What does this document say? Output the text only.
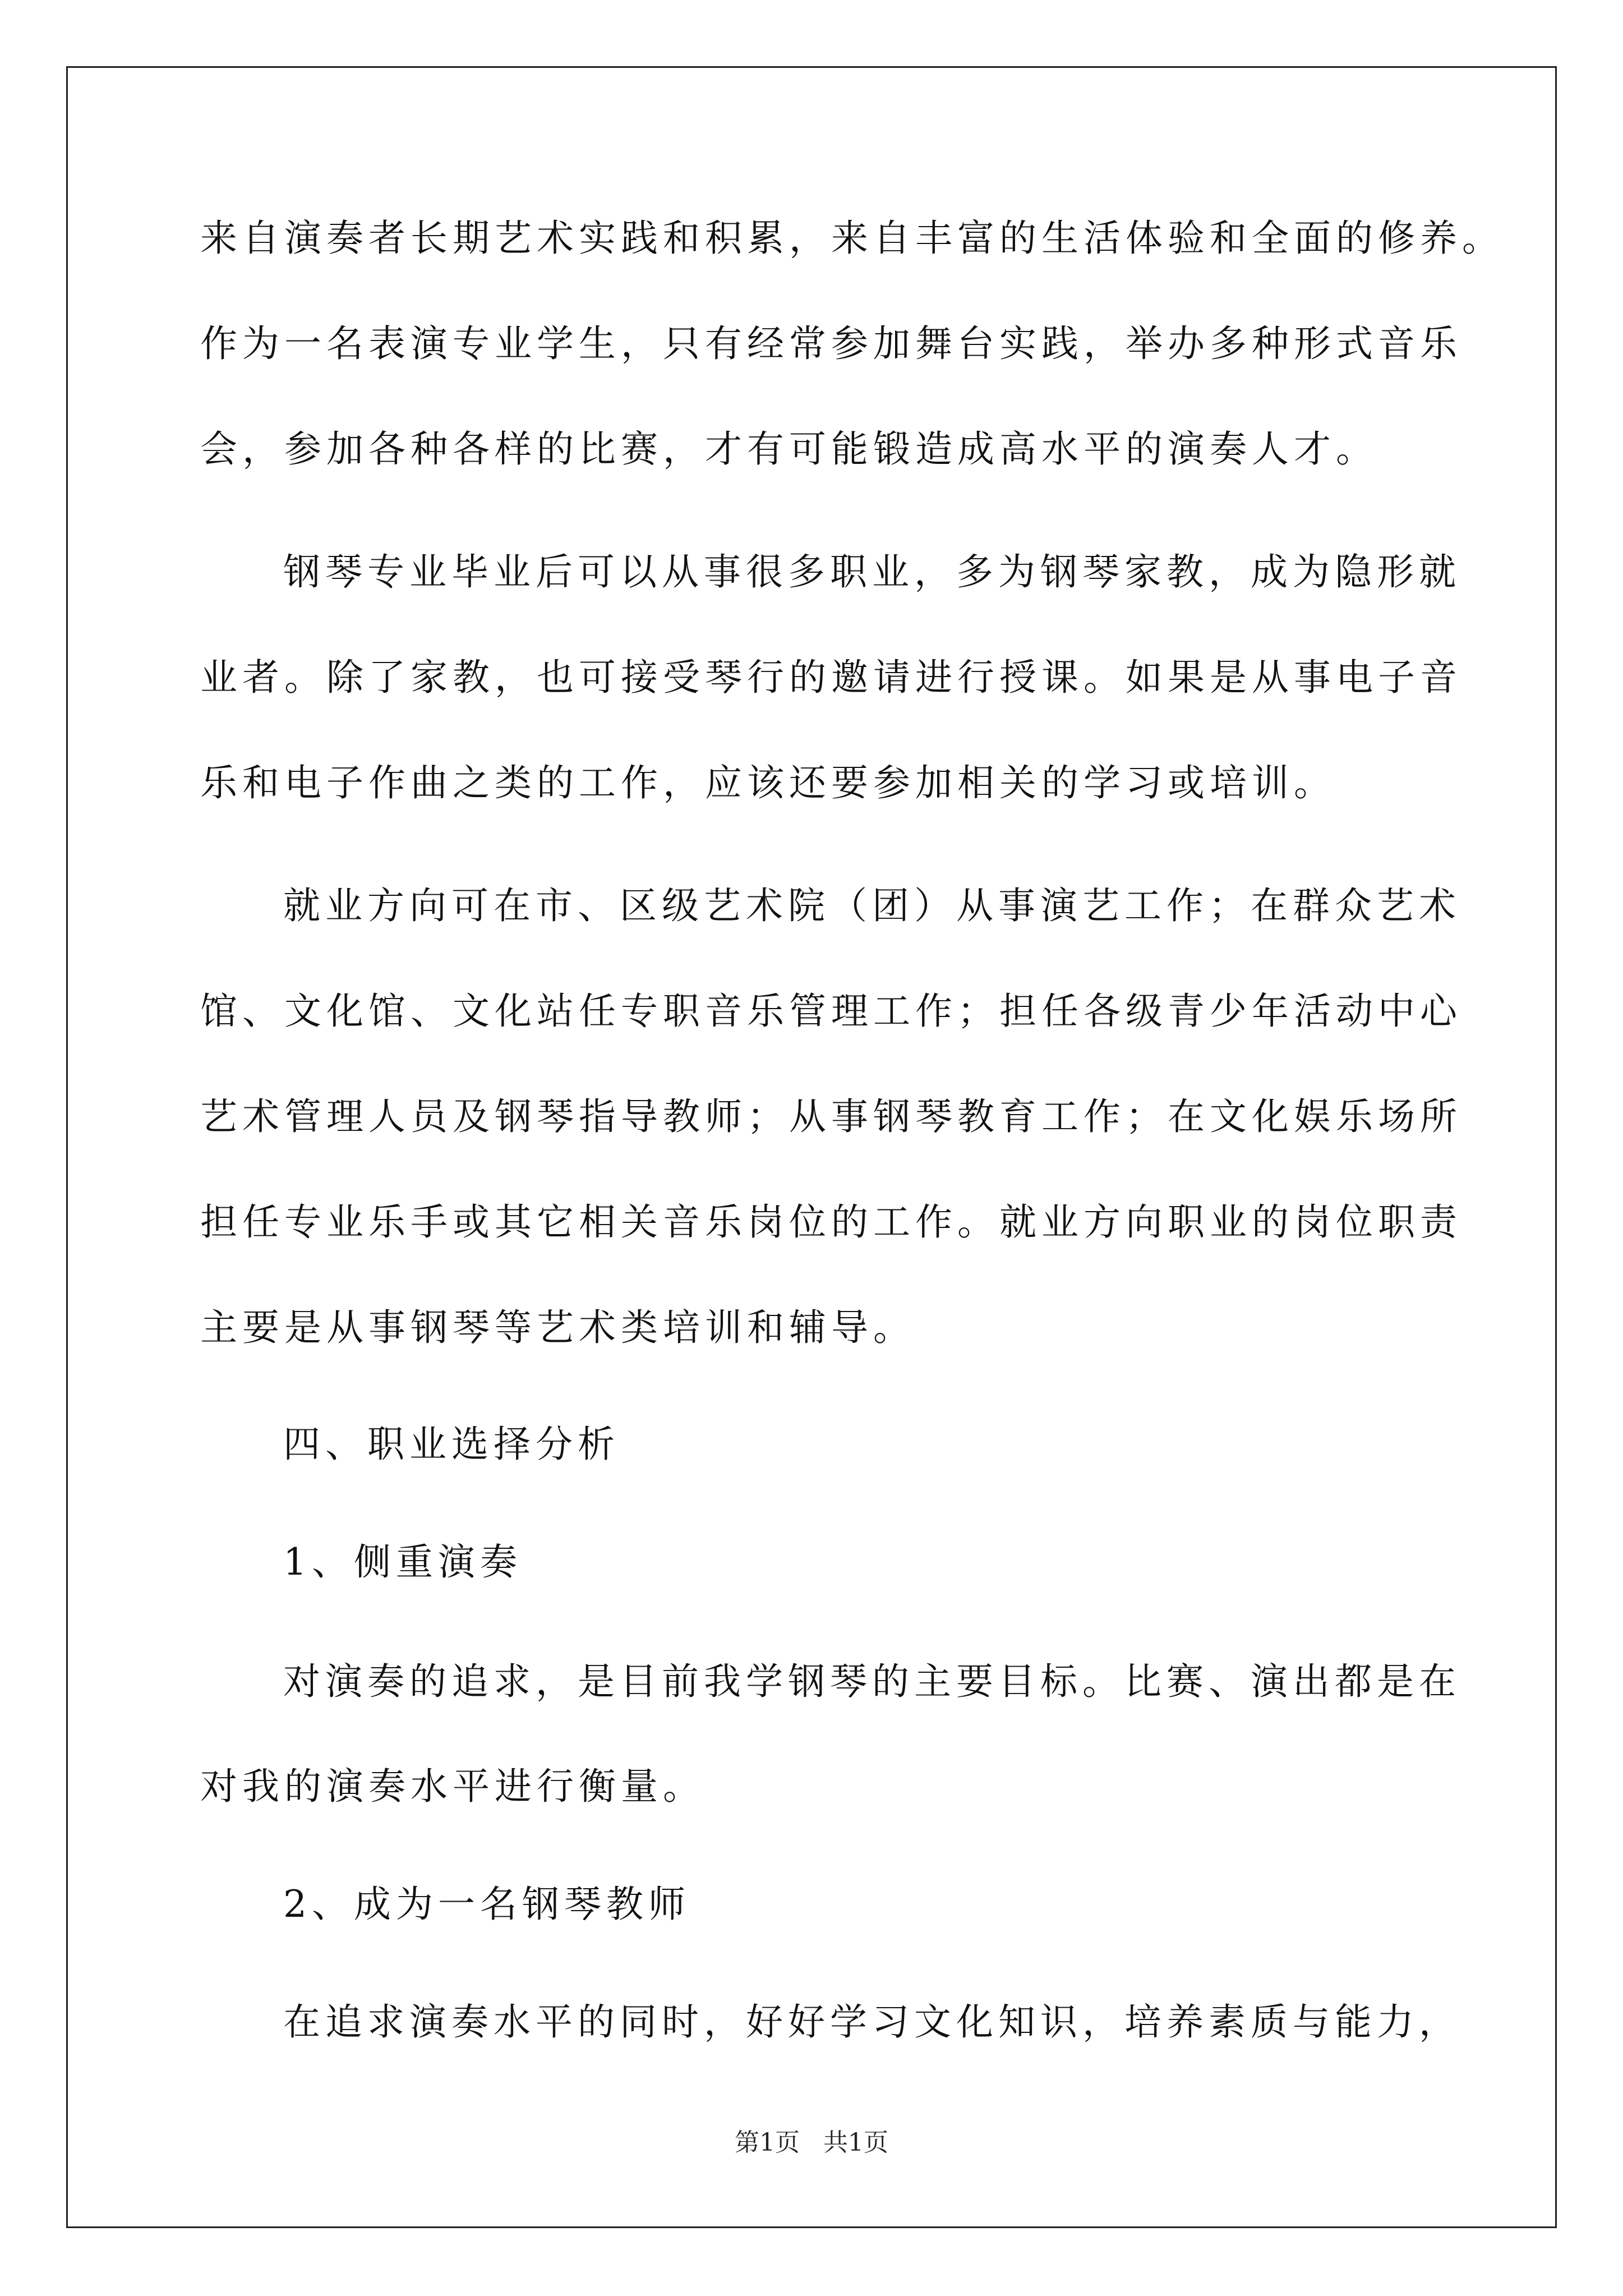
来自演奏者长期艺术实践和积累，来自丰富的生活体验和全面的修养。
作为一名表演专业学生，只有经常参加舞台实践，举办多种形式音乐
会，参加各种各样的比赛，才有可能锻造成高水平的演奏人才。
钢琴专业毕业后可以从事很多职业，多为钢琴家教，成为隐形就
业者。除了家教，也可接受琴行的邀请进行授课。如果是从事电子音
乐和电子作曲之类的工作，应该还要参加相关的学习或培训。
就业方向可在市、区级艺术院（团）从事演艺工作；在群众艺术
馆、文化馆、文化站任专职音乐管理工作；担任各级青少年活动中心
艺术管理人员及钢琴指导教师；从事钢琴教育工作；在文化娱乐场所
担任专业乐手或其它相关音乐岗位的工作。就业方向职业的岗位职责
主要是从事钢琴等艺术类培训和辅导。
四、职业选择分析
1、侧重演奏
对演奏的追求，是目前我学钢琴的主要目标。比赛、演出都是在
对我的演奏水平进行衡量。
2、成为一名钢琴教师
在追求演奏水平的同时，好好学习文化知识，培养素质与能力，
第1页 共1页
